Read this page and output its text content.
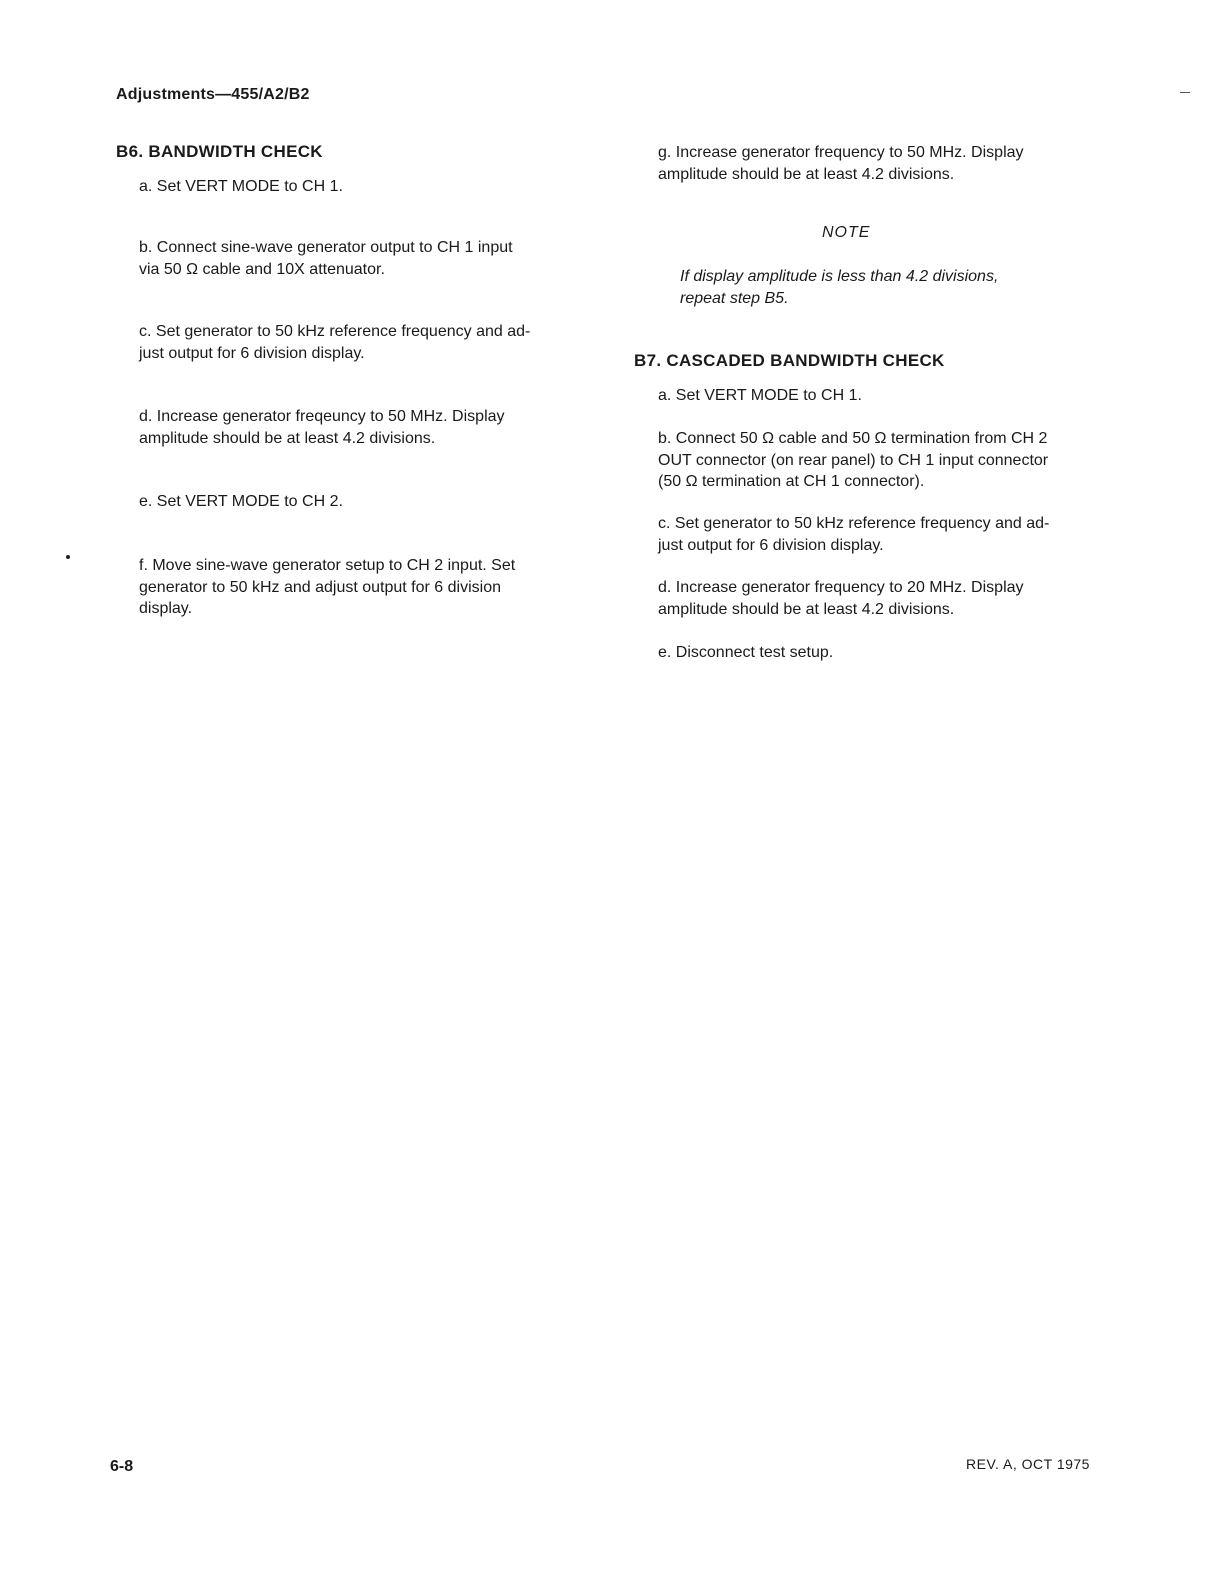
Adjustments—455/A2/B2
B6. BANDWIDTH CHECK
a. Set VERT MODE to CH 1.
b. Connect sine-wave generator output to CH 1 input
via 50 Ω cable and 10X attenuator.
c. Set generator to 50 kHz reference frequency and ad-
just output for 6 division display.
d. Increase generator freqeuncy to 50 MHz. Display
amplitude should be at least 4.2 divisions.
e. Set VERT MODE to CH 2.
f. Move sine-wave generator setup to CH 2 input. Set
generator to 50 kHz and adjust output for 6 division
display.
g. Increase generator frequency to 50 MHz. Display
amplitude should be at least 4.2 divisions.
NOTE
If display amplitude is less than 4.2 divisions,
repeat step B5.
B7. CASCADED BANDWIDTH CHECK
a. Set VERT MODE to CH 1.
b. Connect 50 Ω cable and 50 Ω termination from CH 2
OUT connector (on rear panel) to CH 1 input connector
(50 Ω termination at CH 1 connector).
c. Set generator to 50 kHz reference frequency and ad-
just output for 6 division display.
d. Increase generator frequency to 20 MHz. Display
amplitude should be at least 4.2 divisions.
e. Disconnect test setup.
6-8	REV. A, OCT 1975
